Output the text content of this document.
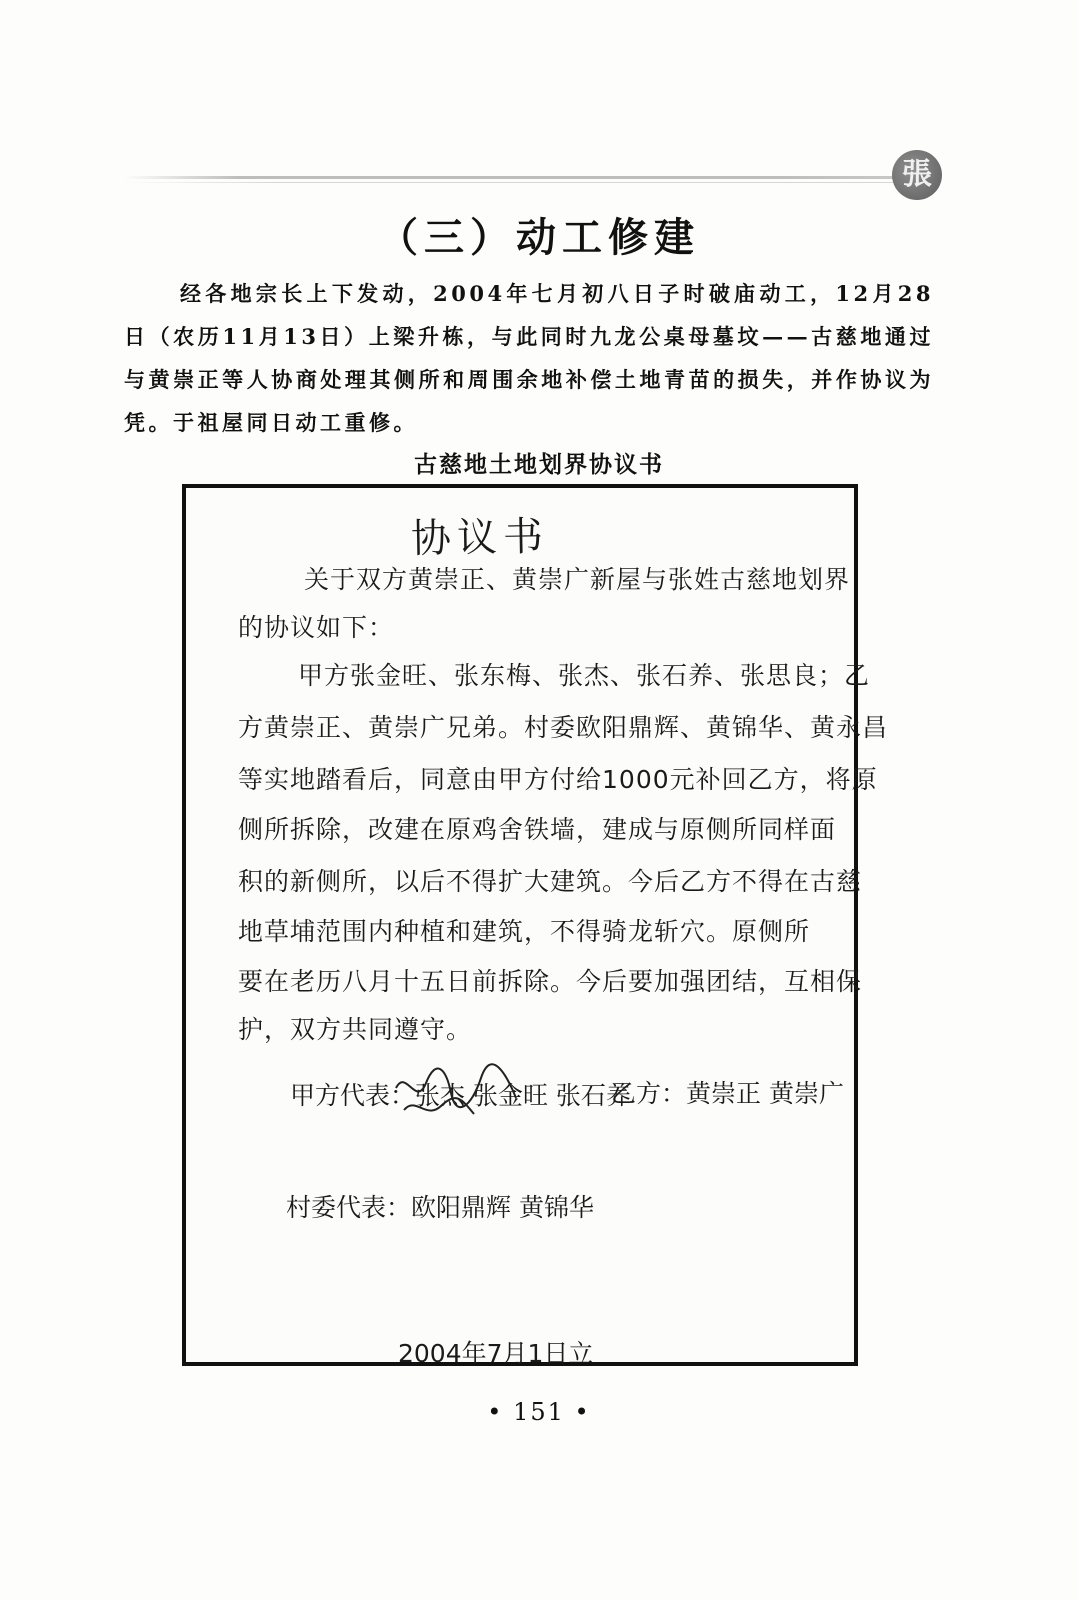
張
（三）动工修建
经各地宗长上下发动，2004年七月初八日子时破庙动工，12月28日（农历11月13日）上梁升栋，与此同时九龙公桌母墓坟——古慈地通过与黄崇正等人协商处理其侧所和周围余地补偿土地青苗的损失，并作协议为凭。于祖屋同日动工重修。
古慈地土地划界协议书
协议书
关于双方黄崇正、黄崇广新屋与张姓古慈地划界
的协议如下：
甲方张金旺、张东梅、张杰、张石养、张思良；乙
方黄崇正、黄崇广兄弟。村委欧阳鼎辉、黄锦华、黄永昌
等实地踏看后，同意由甲方付给1000元补回乙方，将原
侧所拆除，改建在原鸡舍铁墙，建成与原侧所同样面
积的新侧所，以后不得扩大建筑。今后乙方不得在古慈
地草埔范围内种植和建筑，不得骑龙斩穴。原侧所
要在老历八月十五日前拆除。今后要加强团结，互相保
护，双方共同遵守。
甲方代表：张杰 张金旺 张石养
乙方：黄崇正 黄崇广
村委代表：欧阳鼎辉 黄锦华
2004年7月1日立
• 151 •
